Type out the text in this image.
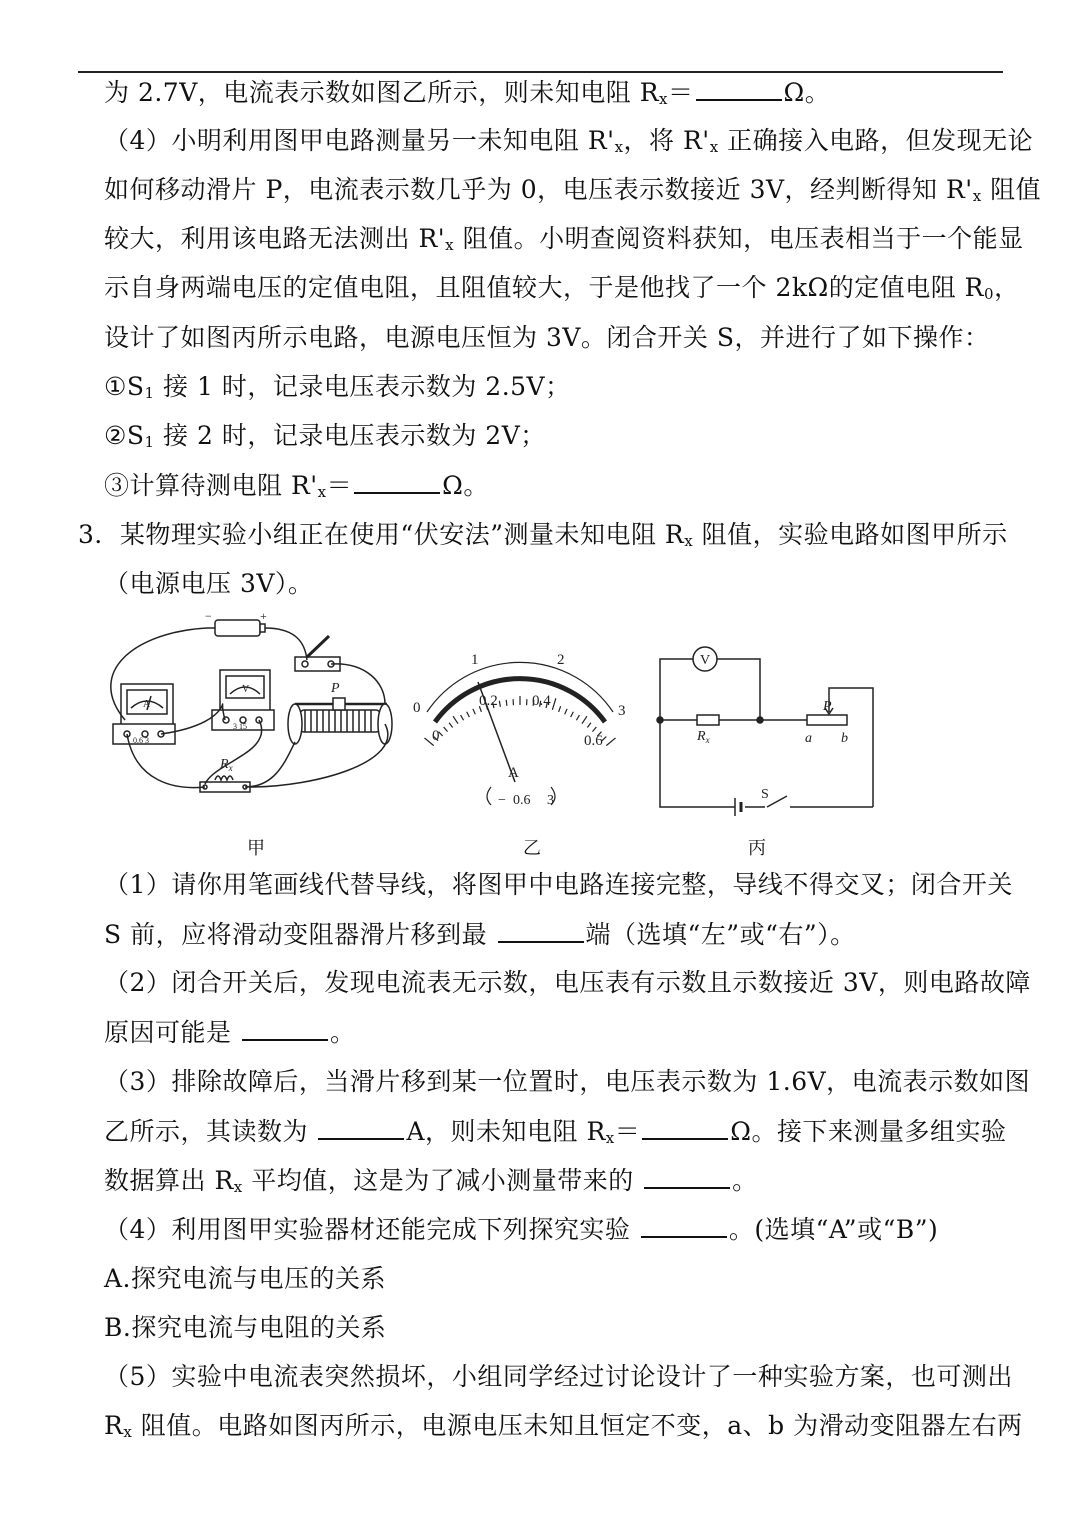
为 2.7V，电流表示数如图乙所示，则未知电阻 $R_x=$	Ω。
（4）小明利用图甲电路测量另一未知电阻 $R'_x$，将 $R'_x$ 正确接入电路，但发现无论
如何移动滑片 P，电流表示数几乎为 0，电压表示数接近 3V，经判断得知 $R'_x$ 阻值
较大，利用该电路无法测出 $R'_x$ 阻值。小明查阅资料获知，电压表相当于一个能显
示自身两端电压的定值电阻，且阻值较大，于是他找了一个 2kΩ的定值电阻 $R_0$，
设计了如图丙所示电路，电源电压恒为 3V。闭合开关 S，并进行了如下操作：
$①S_1$ 接 1 时，记录电压表示数为 2.5V；
$②S_1$ 接 2 时，记录电压表示数为 2V；
③计算待测电阻 $R'_x=$	Ω。
3．某物理实验小组正在使用“伏安法”测量未知电阻 $R_x$ 阻值，实验电路如图甲所示
（电源电压 3V）。
−	+
A
0.6 3
V
3 15
P
$R_x$
0
1	2
3
0
0.2 0.4
0.6
A
− 0.6 3
V
$R_x$
P
a b
S
甲	乙	丙
（1）请你用笔画线代替导线，将图甲中电路连接完整，导线不得交叉；闭合开关
S 前，应将滑动变阻器滑片移到最	端（选填“左”或“右”）。
（2）闭合开关后，发现电流表无示数，电压表有示数且示数接近 3V，则电路故障
原因可能是	。
（3）排除故障后，当滑片移到某一位置时，电压表示数为 1.6V，电流表示数如图
乙所示，其读数为	A，则未知电阻 $R_x=$	Ω。接下来测量多组实验
数据算出 $R_x$ 平均值，这是为了减小测量带来的	。
（4）利用图甲实验器材还能完成下列探究实验	。(选填“A”或“B”)
A.探究电流与电压的关系
B.探究电流与电阻的关系
（5）实验中电流表突然损坏，小组同学经过讨论设计了一种实验方案，也可测出
$R_x$ 阻值。电路如图丙所示，电源电压未知且恒定不变，a、b 为滑动变阻器左右两
